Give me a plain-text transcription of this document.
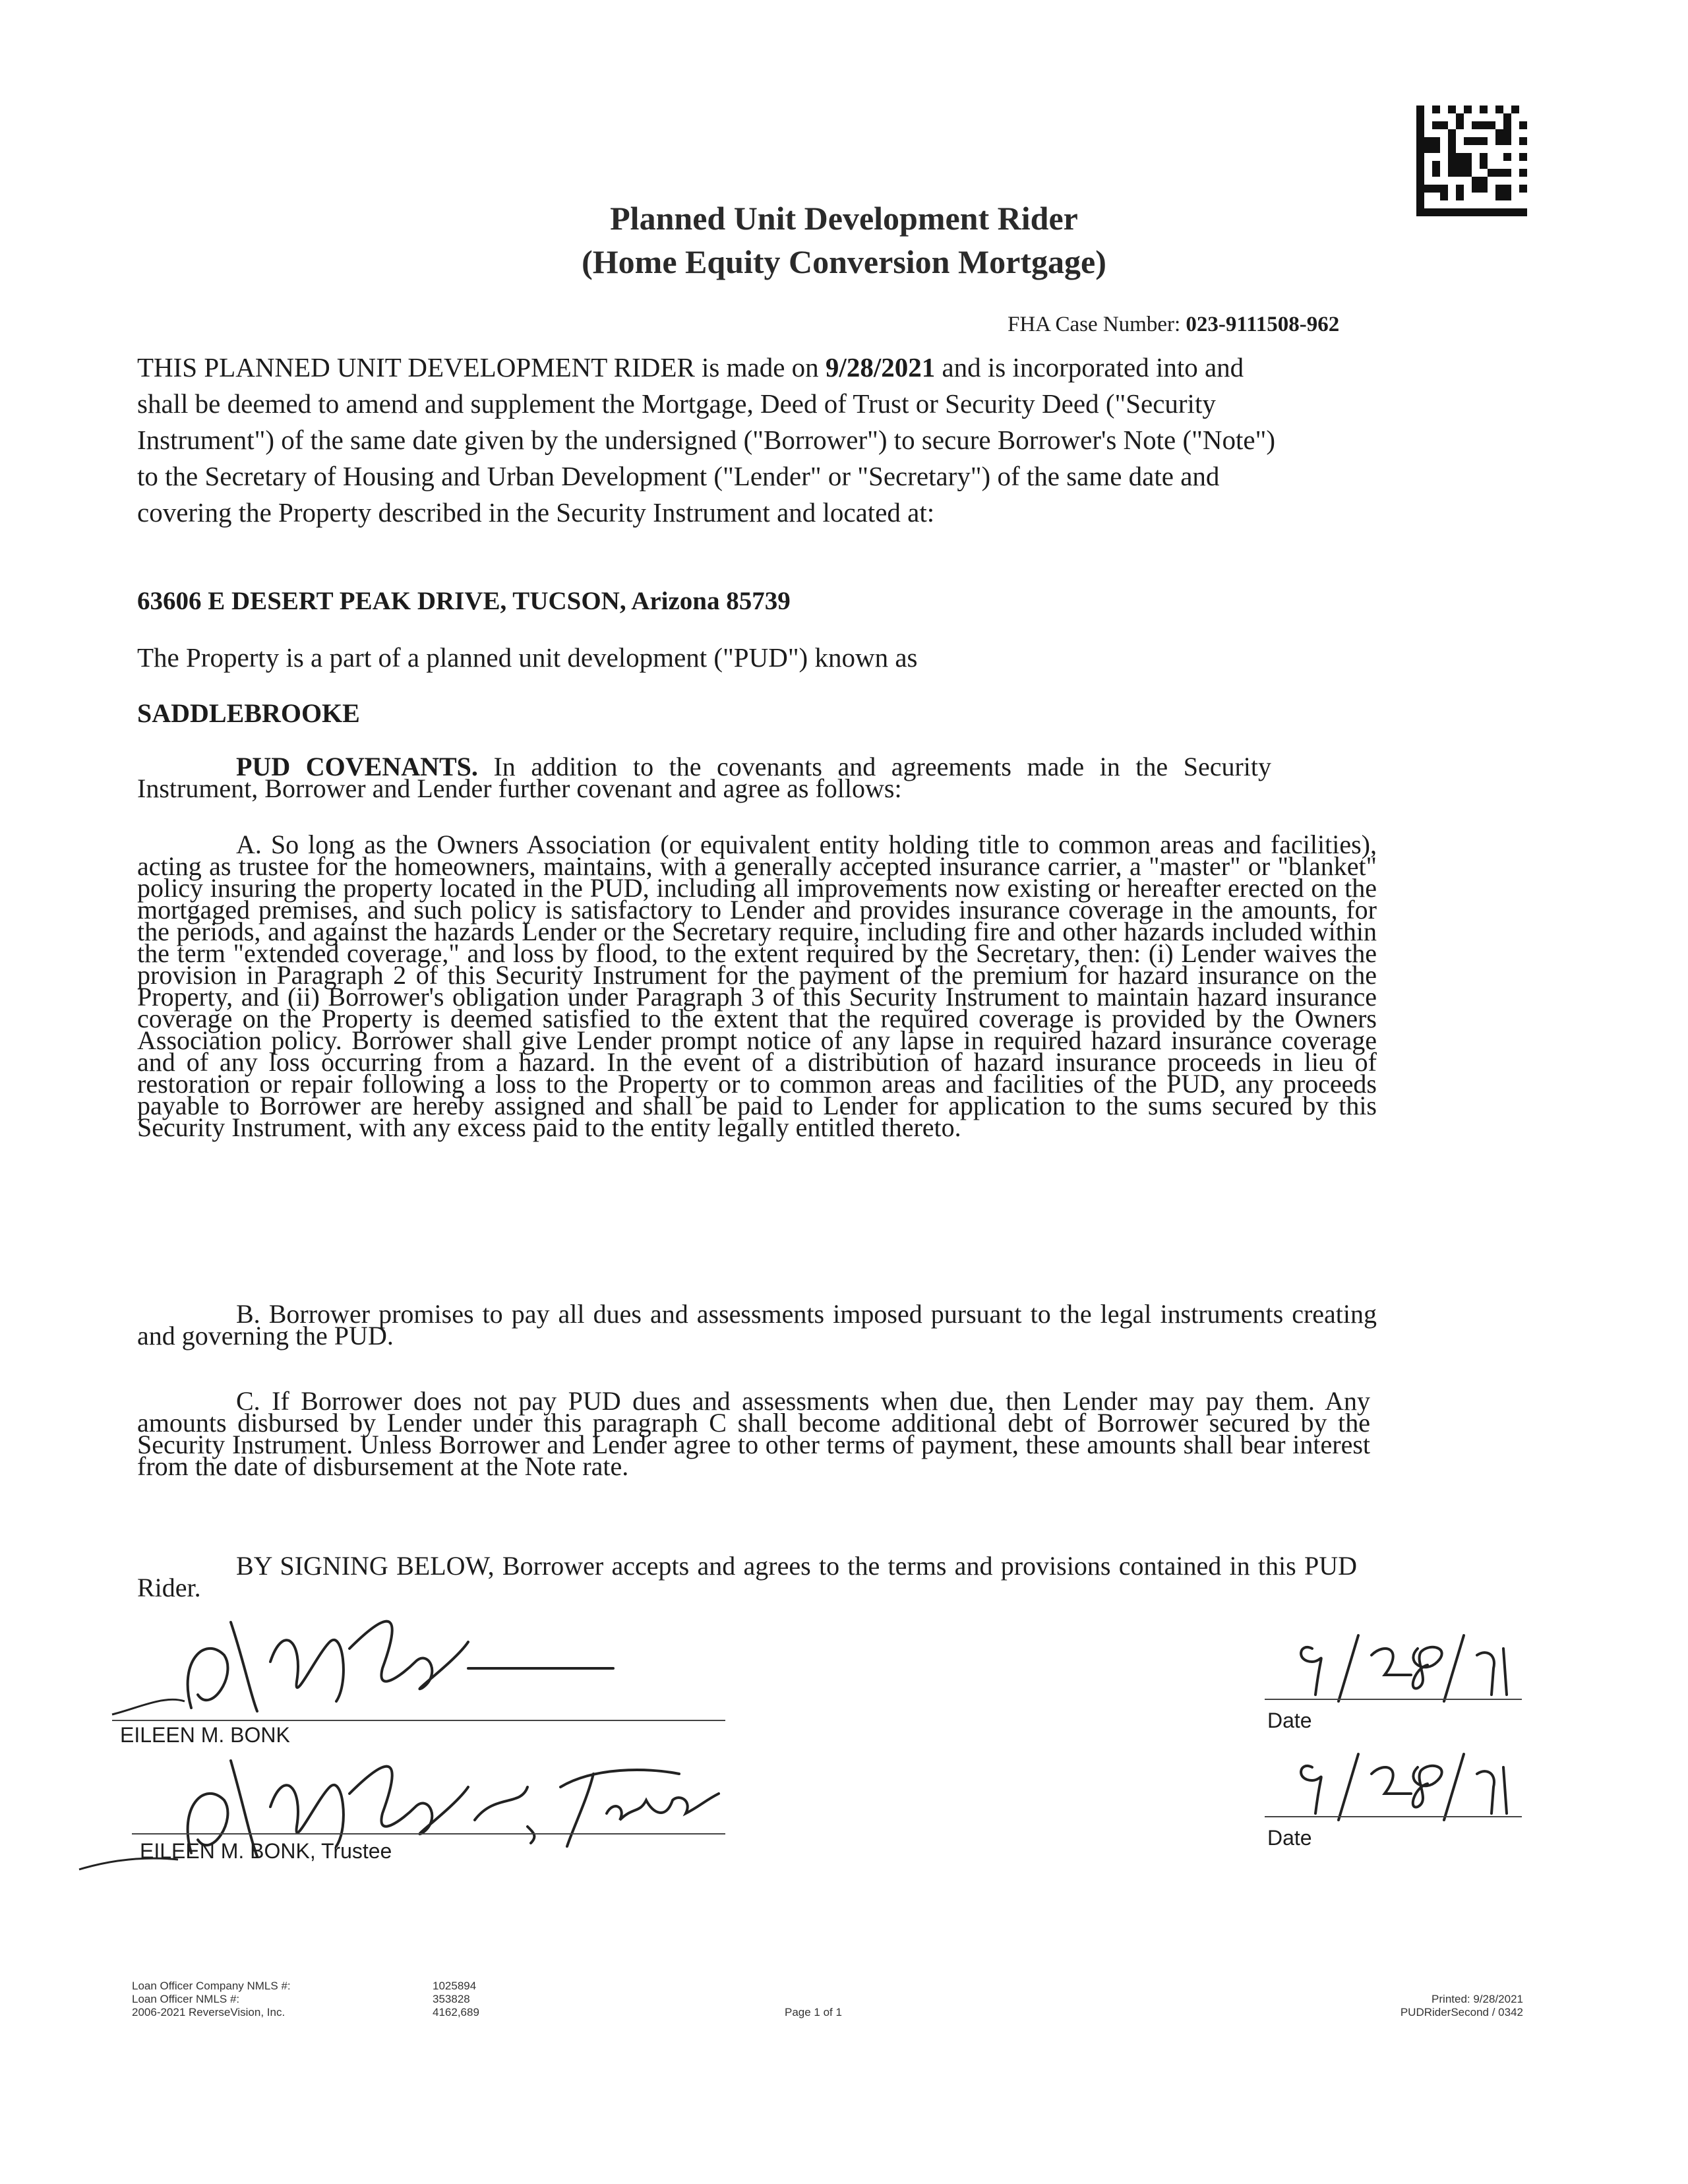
Planned Unit Development Rider
(Home Equity Conversion Mortgage)
FHA Case Number: 023-9111508-962
THIS PLANNED UNIT DEVELOPMENT RIDER is made on 9/28/2021 and is incorporated into and
shall be deemed to amend and supplement the Mortgage, Deed of Trust or Security Deed ("Security
Instrument") of the same date given by the undersigned ("Borrower") to secure Borrower's Note ("Note")
to the Secretary of Housing and Urban Development ("Lender" or "Secretary") of the same date and
covering the Property described in the Security Instrument and located at:
63606 E DESERT PEAK DRIVE, TUCSON, Arizona 85739
The Property is a part of a planned unit development ("PUD") known as
SADDLEBROOKE
PUD COVENANTS. In addition to the covenants and agreements made in the Security Instrument, Borrower and Lender further covenant and agree as follows:
A. So long as the Owners Association (or equivalent entity holding title to common areas and facilities), acting as trustee for the homeowners, maintains, with a generally accepted insurance carrier, a "master" or "blanket" policy insuring the property located in the PUD, including all improvements now existing or hereafter erected on the mortgaged premises, and such policy is satisfactory to Lender and provides insurance coverage in the amounts, for the periods, and against the hazards Lender or the Secretary require, including fire and other hazards included within the term "extended coverage," and loss by flood, to the extent required by the Secretary, then: (i) Lender waives the provision in Paragraph 2 of this Security Instrument for the payment of the premium for hazard insurance on the Property, and (ii) Borrower's obligation under Paragraph 3 of this Security Instrument to maintain hazard insurance coverage on the Property is deemed satisfied to the extent that the required coverage is provided by the Owners Association policy. Borrower shall give Lender prompt notice of any lapse in required hazard insurance coverage and of any loss occurring from a hazard. In the event of a distribution of hazard insurance proceeds in lieu of restoration or repair following a loss to the Property or to common areas and facilities of the PUD, any proceeds payable to Borrower are hereby assigned and shall be paid to Lender for application to the sums secured by this Security Instrument, with any excess paid to the entity legally entitled thereto.
B. Borrower promises to pay all dues and assessments imposed pursuant to the legal instruments creating and governing the PUD.
C. If Borrower does not pay PUD dues and assessments when due, then Lender may pay them. Any amounts disbursed by Lender under this paragraph C shall become additional debt of Borrower secured by the Security Instrument. Unless Borrower and Lender agree to other terms of payment, these amounts shall bear interest from the date of disbursement at the Note rate.
BY SIGNING BELOW, Borrower accepts and agrees to the terms and provisions contained in this PUD Rider.
EILEEN M. BONK
Date
EILEEN M. BONK, Trustee
Date
Loan Officer Company NMLS #:
Loan Officer NMLS #:
2006-2021 ReverseVision, Inc.
1025894
353828
4162,689	Page 1 of 1
Printed: 9/28/2021
PUDRiderSecond / 0342
